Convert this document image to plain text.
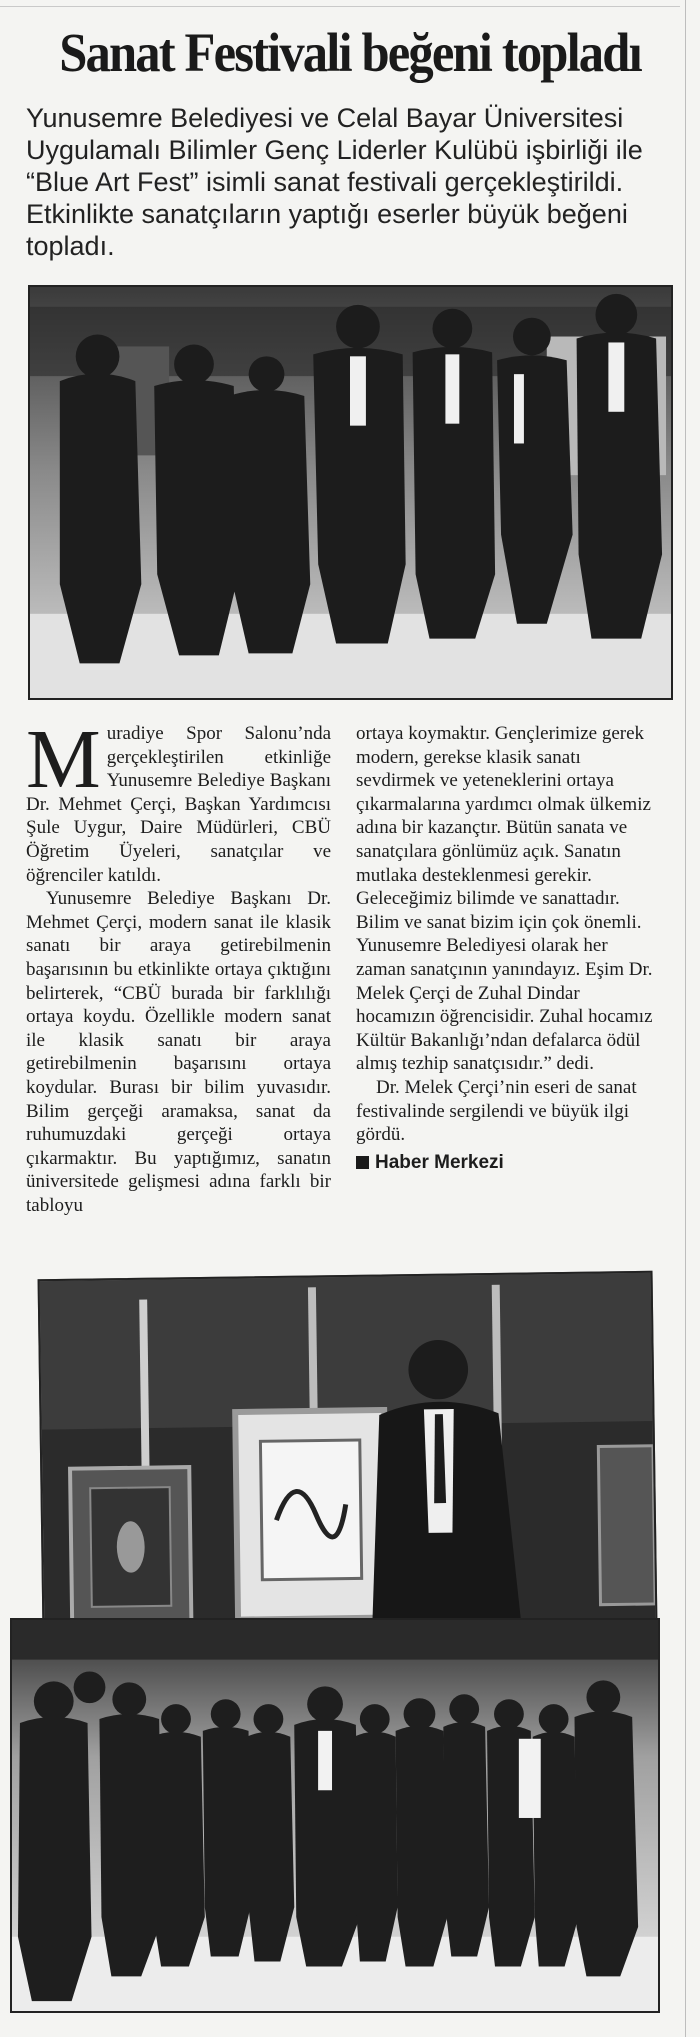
Sanat Festivali beğeni topladı

Yunusemre Belediyesi ve Celal Bayar Üniversitesi Uygulamalı Bilimler Genç Liderler Kulübü işbirliği ile “Blue Art Fest” isimli sanat festivali gerçekleştirildi. Etkinlikte sanatçıların yaptığı eserler büyük beğeni topladı.

M uradiye Spor Salonu’nda gerçekleştirilen etkinliğe Yunusemre Belediye Başkanı Dr. Mehmet Çerçi, Başkan Yardımcısı Şule Uygur, Daire Müdürleri, CBÜ Öğretim Üyeleri, sanatçılar ve öğrenciler katıldı.

Yunusemre Belediye Başkanı Dr. Mehmet Çerçi, modern sanat ile klasik sanatı bir araya getirebilmenin başarısının bu etkinlikte ortaya çıktığını belirterek, “CBÜ burada bir farklılığı ortaya koydu. Özellikle modern sanat ile klasik sanatı bir araya getirebilmenin başarısını ortaya koydular. Burası bir bilim yuvasıdır. Bilim gerçeği aramaksa, sanat da ruhumuzdaki gerçeği ortaya çıkarmaktır. Bu yaptığımız, sanatın üniversitede gelişmesi adına farklı bir tabloyu

ortaya koymaktır. Gençlerimize gerek modern, gerekse klasik sanatı sevdirmek ve yeteneklerini ortaya çıkarmalarına yardımcı olmak ülkemiz adına bir kazançtır. Bütün sanata ve sanatçılara gönlümüz açık. Sanatın mutlaka desteklenmesi gerekir. Geleceğimiz bilimde ve sanattadır. Bilim ve sanat bizim için çok önemli. Yunusemre Belediyesi olarak her zaman sanatçının yanındayız. Eşim Dr. Melek Çerçi de Zuhal Dindar hocamızın öğrencisidir. Zuhal hocamız Kültür Bakanlığı’ndan defalarca ödül almış tezhip sanatçısıdır.” dedi.

Dr. Melek Çerçi’nin eseri de sanat festivalinde sergilendi ve büyük ilgi gördü.

Haber Merkezi
